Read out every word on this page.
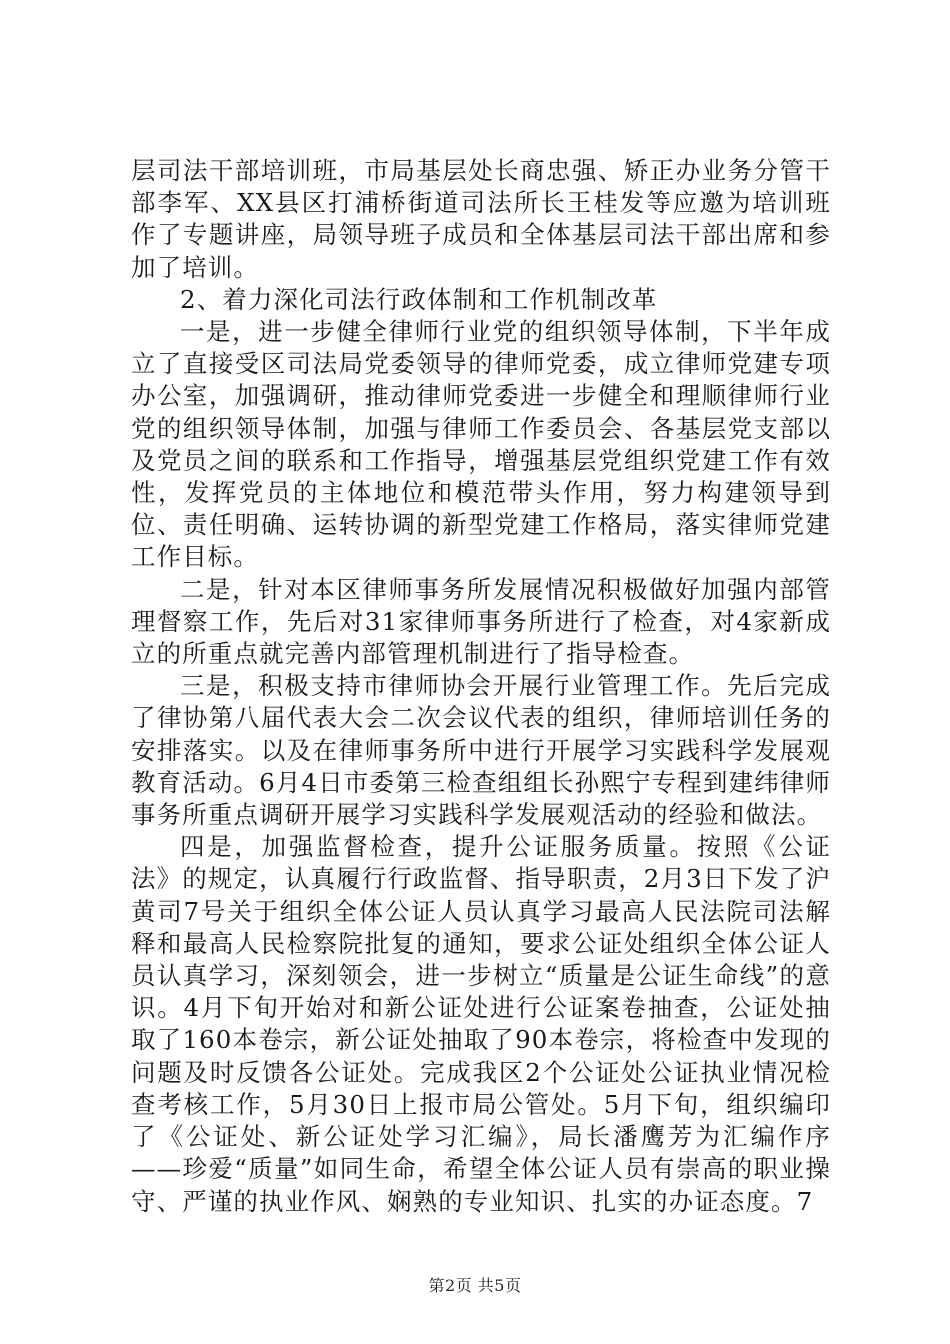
层司法干部培训班，市局基层处长商忠强、矫正办业务分管干部李军、XX县区打浦桥街道司法所长王桂发等应邀为培训班作了专题讲座，局领导班子成员和全体基层司法干部出席和参加了培训。

2、着力深化司法行政体制和工作机制改革

一是，进一步健全律师行业党的组织领导体制，下半年成立了直接受区司法局党委领导的律师党委，成立律师党建专项办公室，加强调研，推动律师党委进一步健全和理顺律师行业党的组织领导体制，加强与律师工作委员会、各基层党支部以及党员之间的联系和工作指导，增强基层党组织党建工作有效性，发挥党员的主体地位和模范带头作用，努力构建领导到位、责任明确、运转协调的新型党建工作格局，落实律师党建工作目标。

二是，针对本区律师事务所发展情况积极做好加强内部管理督察工作，先后对31家律师事务所进行了检查，对4家新成立的所重点就完善内部管理机制进行了指导检查。

三是，积极支持市律师协会开展行业管理工作。先后完成了律协第八届代表大会二次会议代表的组织，律师培训任务的安排落实。以及在律师事务所中进行开展学习实践科学发展观教育活动。6月4日市委第三检查组组长孙熙宁专程到建纬律师事务所重点调研开展学习实践科学发展观活动的经验和做法。

四是，加强监督检查，提升公证服务质量。按照《公证法》的规定，认真履行行政监督、指导职责，2月3日下发了沪黄司7号关于组织全体公证人员认真学习最高人民法院司法解释和最高人民检察院批复的通知，要求公证处组织全体公证人员认真学习，深刻领会，进一步树立“质量是公证生命线”的意识。4月下旬开始对和新公证处进行公证案卷抽查，公证处抽取了160本卷宗，新公证处抽取了90本卷宗，将检查中发现的问题及时反馈各公证处。完成我区2个公证处公证执业情况检查考核工作，5月30日上报市局公管处。5月下旬，组织编印了《公证处、新公证处学习汇编》，局长潘鹰芳为汇编作序——珍爱“质量”如同生命，希望全体公证人员有崇高的职业操守、严谨的执业作风、娴熟的专业知识、扎实的办证态度。7

第2页 共5页
